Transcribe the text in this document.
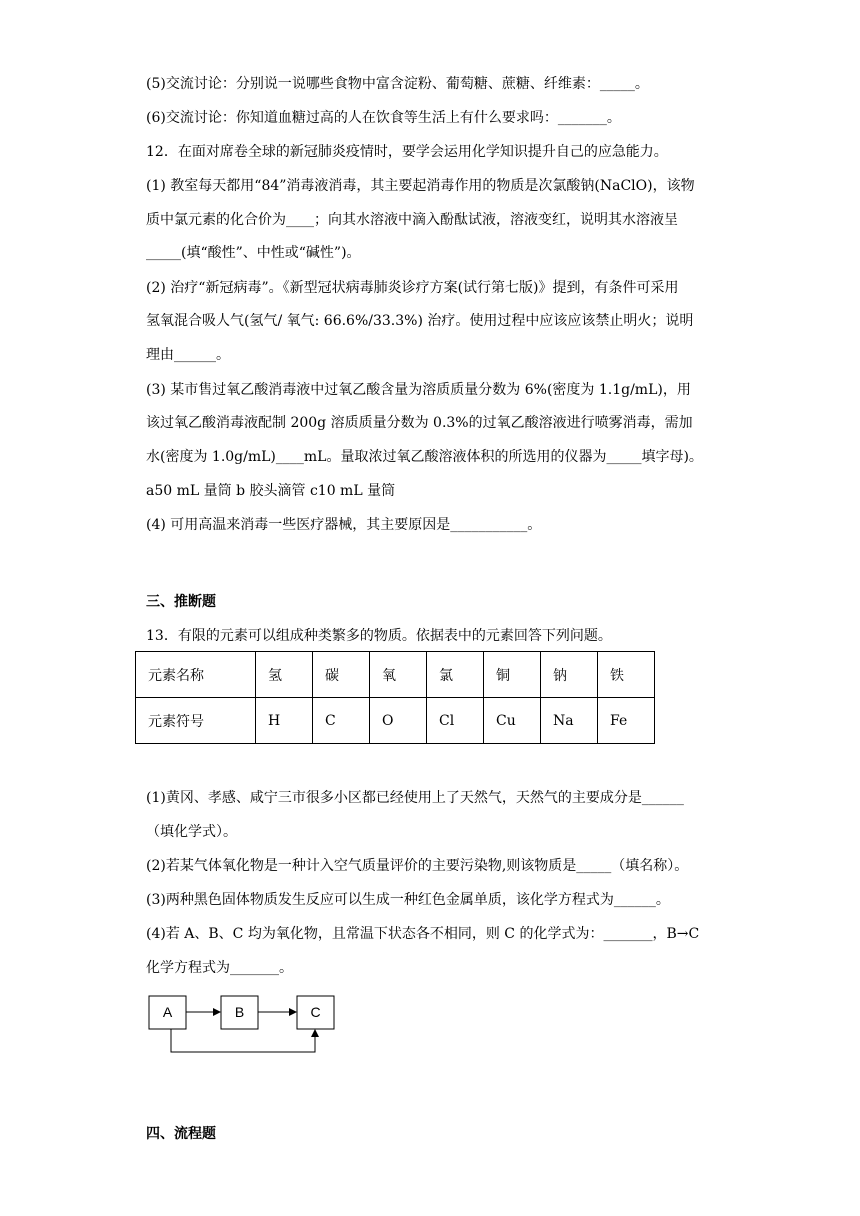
(5)交流讨论：分别说一说哪些食物中富含淀粉、葡萄糖、蔗糖、纤维素：_____。
(6)交流讨论：你知道血糖过高的人在饮食等生活上有什么要求吗：_______。
12．在面对席卷全球的新冠肺炎疫情时，要学会运用化学知识提升自己的应急能力。
(1) 教室每天都用“84”消毒液消毒，其主要起消毒作用的物质是次氯酸钠(NaClO)，该物
质中氯元素的化合价为____；向其水溶液中滴入酚酞试液，溶液变红，说明其水溶液呈
_____(填“酸性”、中性或“碱性”)。
(2) 治疗“新冠病毒”。《新型冠状病毒肺炎诊疗方案(试行第七版)》提到，有条件可采用
氢氧混合吸人气(氢气/ 氧气: 66.6%/33.3%) 治疗。使用过程中应该应该禁止明火；说明
理由______。
(3) 某市售过氧乙酸消毒液中过氧乙酸含量为溶质质量分数为 6%(密度为 1.1g/mL)，用
该过氧乙酸消毒液配制 200g 溶质质量分数为 0.3%的过氧乙酸溶液进行喷雾消毒，需加
水(密度为 1.0g/mL)____mL。量取浓过氧乙酸溶液体积的所选用的仪器为_____填字母)。
a50 mL 量筒 b 胶头滴管 c10 mL 量筒
(4) 可用高温来消毒一些医疗器械，其主要原因是___________。
三、推断题
13．有限的元素可以组成种类繁多的物质。依据表中的元素回答下列问题。
元素名称	氢	碳	氧	氯	铜	钠	铁
元素符号	H	C	O	Cl	Cu	Na	Fe
(1)黄冈、孝感、咸宁三市很多小区都已经使用上了天然气，天然气的主要成分是______
（填化学式）。
(2)若某气体氧化物是一种计入空气质量评价的主要污染物,则该物质是_____（填名称）。
(3)两种黑色固体物质发生反应可以生成一种红色金属单质，该化学方程式为______。
(4)若 A、B、C 均为氧化物，且常温下状态各不相同，则 C 的化学式为：_______，B→C
化学方程式为_______。
A	B	C
四、流程题
